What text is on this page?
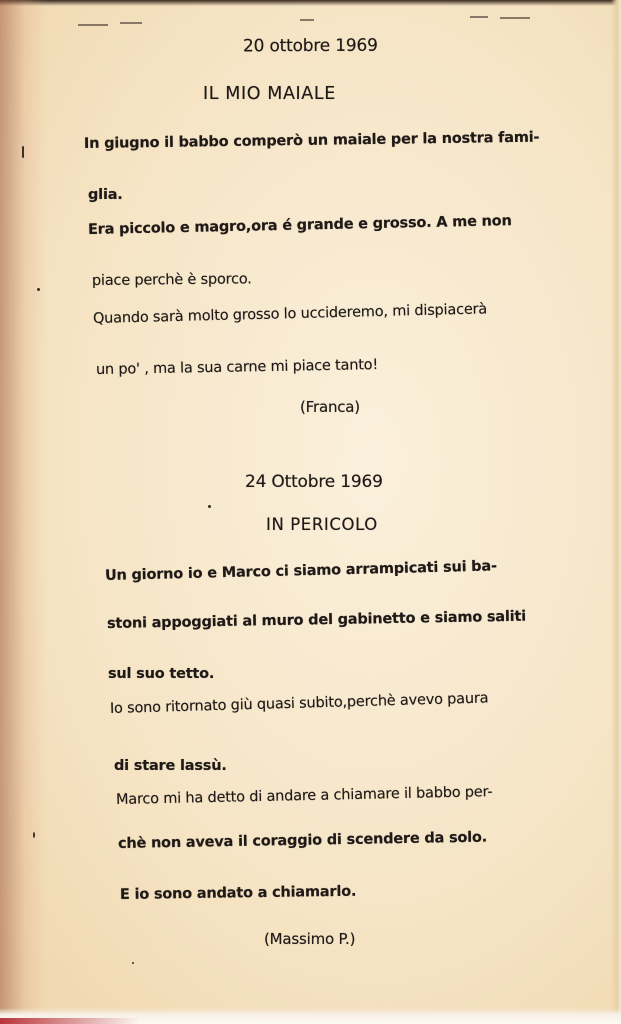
20 ottobre 1969
IL MIO MAIALE
In giugno il babbo comperò un maiale per la nostra fami-
glia.
Era piccolo e magro,ora é grande e grosso. A me non
piace perchè è sporco.
Quando sarà molto grosso lo uccideremo, mi dispiacerà
un po' , ma la sua carne mi piace tanto!
(Franca)
24 Ottobre 1969
IN PERICOLO
Un giorno io e Marco ci siamo arrampicati sui ba-
stoni appoggiati al muro del gabinetto e siamo saliti
sul suo tetto.
Io sono ritornato giù quasi subito,perchè avevo paura
di stare lassù.
Marco mi ha detto di andare a chiamare il babbo per-
chè non aveva il coraggio di scendere da solo.
E io sono andato a chiamarlo.
(Massimo P.)
